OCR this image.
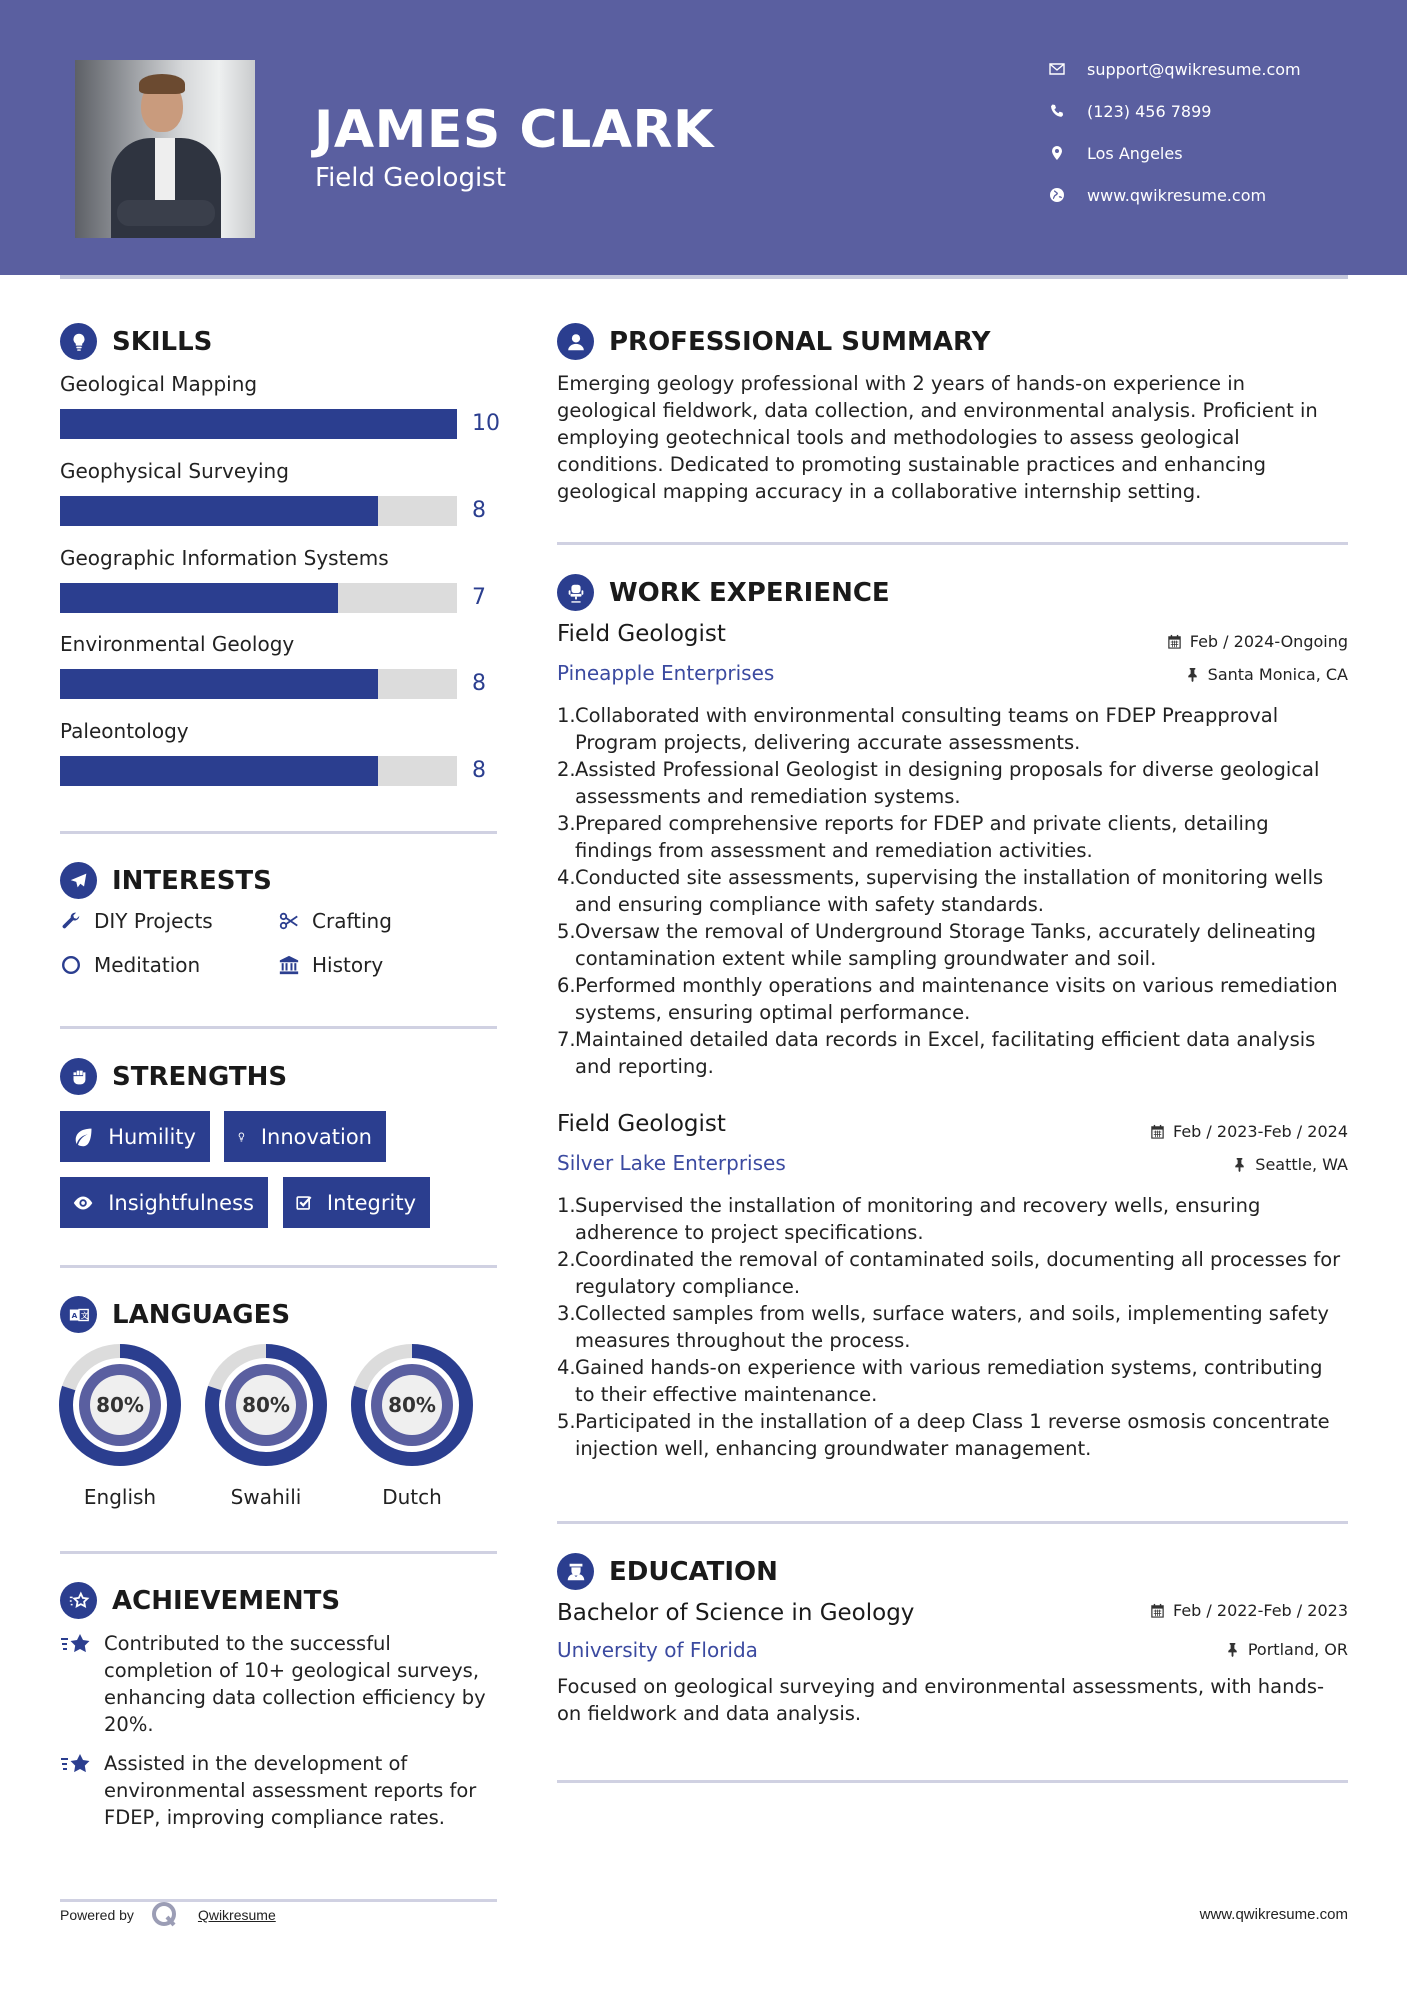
JAMES CLARK
Field Geologist
support@qwikresume.com
(123) 456 7899
Los Angeles
www.qwikresume.com
SKILLS
Geological Mapping
10
Geophysical Surveying
8
Geographic Information Systems
7
Environmental Geology
8
Paleontology
8
INTERESTS
DIY Projects	Crafting
Meditation	History
STRENGTHS
Humility	Innovation
Insightfulness	Integrity
A 文 LANGUAGES
80%
English
80%
Swahili
80%
Dutch
ACHIEVEMENTS
Contributed to the successful completion of 10+ geological surveys, enhancing data collection efficiency by 20%.
Assisted in the development of environmental assessment reports for FDEP, improving compliance rates.
PROFESSIONAL SUMMARY
Emerging geology professional with 2 years of hands-on experience in geological fieldwork, data collection, and environmental analysis. Proficient in employing geotechnical tools and methodologies to assess geological conditions. Dedicated to promoting sustainable practices and enhancing geological mapping accuracy in a collaborative internship setting.
WORK EXPERIENCE
Field Geologist	Feb / 2024-Ongoing
Pineapple Enterprises	Santa Monica, CA
1. Collaborated with environmental consulting teams on FDEP Preapproval Program projects, delivering accurate assessments.
2. Assisted Professional Geologist in designing proposals for diverse geological assessments and remediation systems.
3. Prepared comprehensive reports for FDEP and private clients, detailing findings from assessment and remediation activities.
4. Conducted site assessments, supervising the installation of monitoring wells and ensuring compliance with safety standards.
5. Oversaw the removal of Underground Storage Tanks, accurately delineating contamination extent while sampling groundwater and soil.
6. Performed monthly operations and maintenance visits on various remediation systems, ensuring optimal performance.
7. Maintained detailed data records in Excel, facilitating efficient data analysis and reporting.
Field Geologist	Feb / 2023-Feb / 2024
Silver Lake Enterprises	Seattle, WA
1. Supervised the installation of monitoring and recovery wells, ensuring adherence to project specifications.
2. Coordinated the removal of contaminated soils, documenting all processes for regulatory compliance.
3. Collected samples from wells, surface waters, and soils, implementing safety measures throughout the process.
4. Gained hands-on experience with various remediation systems, contributing to their effective maintenance.
5. Participated in the installation of a deep Class 1 reverse osmosis concentrate injection well, enhancing groundwater management.
EDUCATION
Bachelor of Science in Geology	Feb / 2022-Feb / 2023
University of Florida	Portland, OR
Focused on geological surveying and environmental assessments, with hands-on fieldwork and data analysis.
Powered by	Qwikresume	www.qwikresume.com
